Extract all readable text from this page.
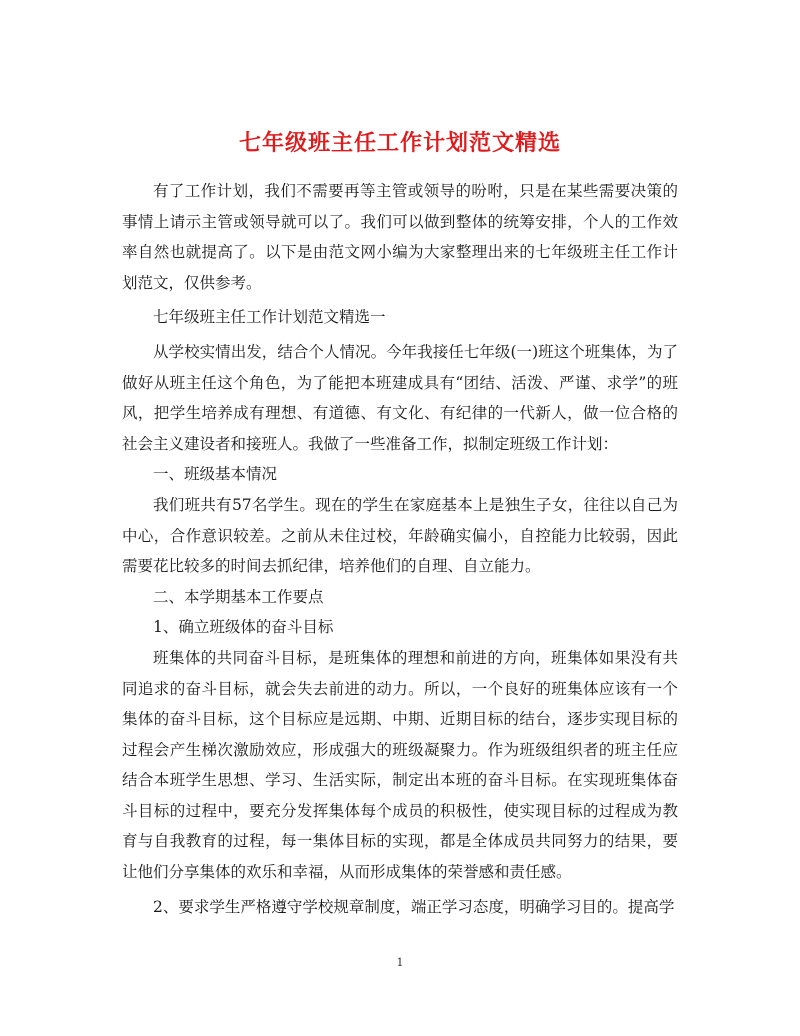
七年级班主任工作计划范文精选

有了工作计划，我们不需要再等主管或领导的吩咐，只是在某些需要决策的事情上请示主管或领导就可以了。我们可以做到整体的统筹安排，个人的工作效率自然也就提高了。以下是由范文网小编为大家整理出来的七年级班主任工作计划范文，仅供参考。

七年级班主任工作计划范文精选一

从学校实情出发，结合个人情况。今年我接任七年级(一)班这个班集体，为了做好从班主任这个角色，为了能把本班建成具有“团结、活泼、严谨、求学”的班风，把学生培养成有理想、有道德、有文化、有纪律的一代新人，做一位合格的社会主义建设者和接班人。我做了一些准备工作，拟制定班级工作计划：

一、班级基本情况

我们班共有57名学生。现在的学生在家庭基本上是独生子女，往往以自己为中心，合作意识较差。之前从未住过校，年龄确实偏小，自控能力比较弱，因此需要花比较多的时间去抓纪律，培养他们的自理、自立能力。

二、本学期基本工作要点

1、确立班级体的奋斗目标

班集体的共同奋斗目标，是班集体的理想和前进的方向，班集体如果没有共同追求的奋斗目标，就会失去前进的动力。所以，一个良好的班集体应该有一个集体的奋斗目标，这个目标应是远期、中期、近期目标的结台，逐步实现目标的过程会产生梯次激励效应，形成强大的班级凝聚力。作为班级组织者的班主任应结合本班学生思想、学习、生活实际，制定出本班的奋斗目标。在实现班集体奋斗目标的过程中，要充分发挥集体每个成员的积极性，使实现目标的过程成为教育与自我教育的过程，每一集体目标的实现，都是全体成员共同努力的结果，要让他们分享集体的欢乐和幸福，从而形成集体的荣誉感和责任感。

2、要求学生严格遵守学校规章制度，端正学习态度，明确学习目的。提高学

1
